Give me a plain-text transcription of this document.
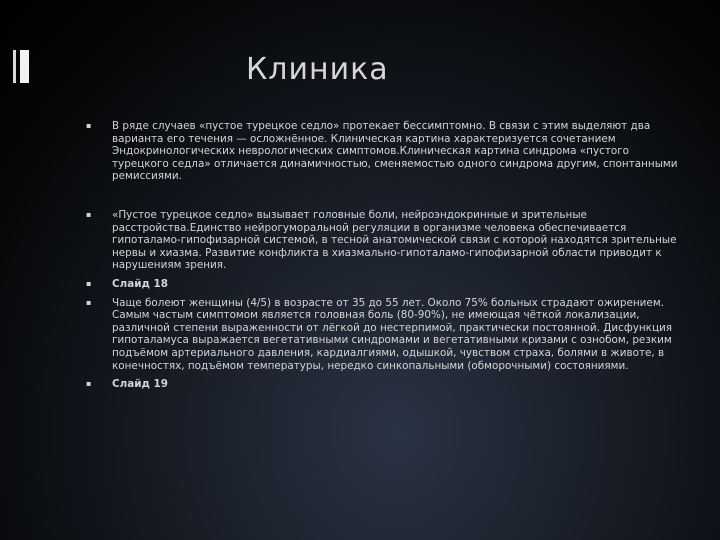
Клиника
▪ В ряде случаев «пустое турецкое седло» протекает бессимптомно. В связи с этим выделяют два варианта его течения — осложнённое. Клиническая картина характеризуется сочетанием Эндокринологических неврологических симптомов.Клиническая картина синдрома «пустого турецкого седла» отличается динамичностью, сменяемостью одного синдрома другим, спонтанными ремиссиями.
▪ «Пустое турецкое седло» вызывает головные боли, нейроэндокринные и зрительные расстройства.Единство нейрогуморальной регуляции в организме человека обеспечивается гипоталамо-гипофизарной системой, в тесной анатомической связи с которой находятся зрительные нервы и хиазма. Развитие конфликта в хиазмально-гипоталамо-гипофизарной области приводит к нарушениям зрения.
▪ Слайд 18
▪ Чаще болеют женщины (4/5) в возрасте от 35 до 55 лет. Около 75% больных страдают ожирением. Самым частым симптомом является головная боль (80-90%), не имеющая чёткой локализации, различной степени выраженности от лёгкой до нестерпимой, практически постоянной. Дисфункция гипоталамуса выражается вегетативными синдромами и вегетативными кризами с ознобом, резким подъёмом артериального давления, кардиалгиями, одышкой, чувством страха, болями в животе, в конечностях, подъёмом температуры, нередко синкопальными (обморочными) состояниями.
▪ Слайд 19
